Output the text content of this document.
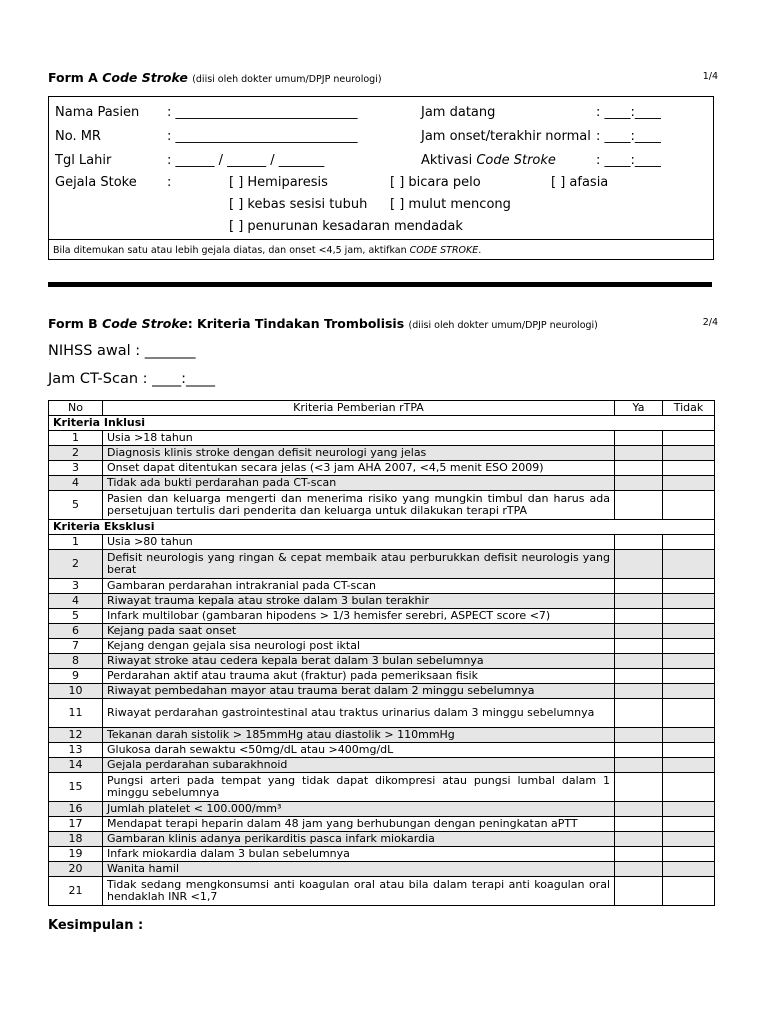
Form A Code Stroke (diisi oleh dokter umum/DPJP neurologi)	1/4
Nama Pasien : ____________________________	Jam datang	: ____:____
No. MR	: ____________________________	Jam onset/terakhir normal : ____:____
Tgl Lahir	: ______ / ______ / _______	Aktivasi Code Stroke	: ____:____
Gejala Stoke :	[ ] Hemiparesis	[ ] bicara pelo	[ ] afasia
[ ] kebas sesisi tubuh [ ] mulut mencong
[ ] penurunan kesadaran mendadak
Bila ditemukan satu atau lebih gejala diatas, dan onset <4,5 jam, aktifkan CODE STROKE.
Form B Code Stroke: Kriteria Tindakan Trombolisis (diisi oleh dokter umum/DPJP neurologi)	2/4
NIHSS awal : _______
Jam CT-Scan : ____:____
No	Kriteria Pemberian rTPA	Ya	Tidak
Kriteria Inklusi			
1	Usia >18 tahun		
2	Diagnosis klinis stroke dengan defisit neurologi yang jelas		
3	Onset dapat ditentukan secara jelas (<3 jam AHA 2007, <4,5 menit ESO 2009)		
4	Tidak ada bukti perdarahan pada CT-scan		
5	Pasien dan keluarga mengerti dan menerima risiko yang mungkin timbul dan harus ada persetujuan tertulis dari penderita dan keluarga untuk dilakukan terapi rTPA		
Kriteria Eksklusi			
1	Usia >80 tahun		
2	Defisit neurologis yang ringan & cepat membaik atau perburukkan defisit neurologis yang berat		
3	Gambaran perdarahan intrakranial pada CT-scan		
4	Riwayat trauma kepala atau stroke dalam 3 bulan terakhir		
5	Infark multilobar (gambaran hipodens > 1/3 hemisfer serebri, ASPECT score <7)		
6	Kejang pada saat onset		
7	Kejang dengan gejala sisa neurologi post iktal		
8	Riwayat stroke atau cedera kepala berat dalam 3 bulan sebelumnya		
9	Perdarahan aktif atau trauma akut (fraktur) pada pemeriksaan fisik		
10	Riwayat pembedahan mayor atau trauma berat dalam 2 minggu sebelumnya		
11	Riwayat perdarahan gastrointestinal atau traktus urinarius dalam 3 minggu sebelumnya		
12	Tekanan darah sistolik > 185mmHg atau diastolik > 110mmHg		
13	Glukosa darah sewaktu <50mg/dL atau >400mg/dL		
14	Gejala perdarahan subarakhnoid		
15	Pungsi arteri pada tempat yang tidak dapat dikompresi atau pungsi lumbal dalam 1 minggu sebelumnya		
16	Jumlah platelet < 100.000/mm³		
17	Mendapat terapi heparin dalam 48 jam yang berhubungan dengan peningkatan aPTT		
18	Gambaran klinis adanya perikarditis pasca infark miokardia		
19	Infark miokardia dalam 3 bulan sebelumnya		
20	Wanita hamil		
21	Tidak sedang mengkonsumsi anti koagulan oral atau bila dalam terapi anti koagulan oral hendaklah INR <1,7		
Kesimpulan :
